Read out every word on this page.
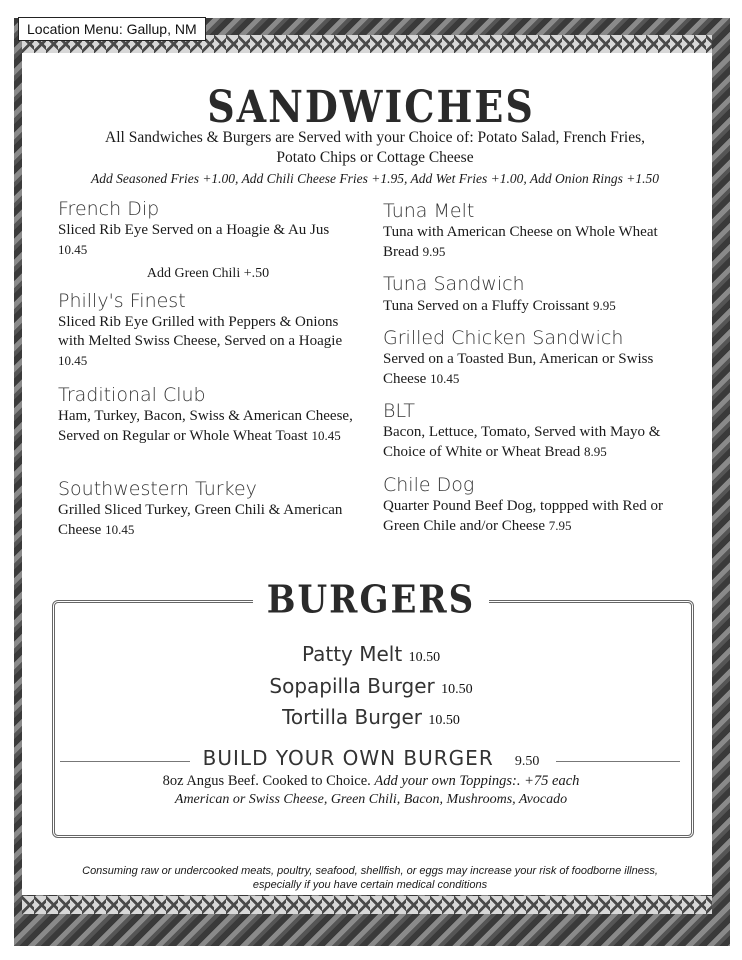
Location Menu: Gallup, NM
SANDWICHES
All Sandwiches & Burgers are Served with your Choice of: Potato Salad, French Fries,
Potato Chips or Cottage Cheese
Add Seasoned Fries +1.00, Add Chili Cheese Fries +1.95, Add Wet Fries +1.00, Add Onion Rings +1.50
French Dip
Sliced Rib Eye Served on a Hoagie & Au Jus 10.45
Add Green Chili +.50
Philly's Finest
Sliced Rib Eye Grilled with Peppers & Onions with Melted Swiss Cheese, Served on a Hoagie 10.45
Traditional Club
Ham, Turkey, Bacon, Swiss & American Cheese, Served on Regular or Whole Wheat Toast 10.45
Southwestern Turkey
Grilled Sliced Turkey, Green Chili & American Cheese 10.45
Tuna Melt
Tuna with American Cheese on Whole Wheat Bread 9.95
Tuna Sandwich
Tuna Served on a Fluffy Croissant 9.95
Grilled Chicken Sandwich
Served on a Toasted Bun, American or Swiss Cheese 10.45
BLT
Bacon, Lettuce, Tomato, Served with Mayo & Choice of White or Wheat Bread 8.95
Chile Dog
Quarter Pound Beef Dog, toppped with Red or Green Chile and/or Cheese 7.95
BURGERS
Patty Melt 10.50
Sopapilla Burger 10.50
Tortilla Burger 10.50
BUILD YOUR OWN BURGER 9.50
8oz Angus Beef. Cooked to Choice. Add your own Toppings:. +75 each
American or Swiss Cheese, Green Chili, Bacon, Mushrooms, Avocado
Consuming raw or undercooked meats, poultry, seafood, shellfish, or eggs may increase your risk of foodborne illness,
especially if you have certain medical conditions
